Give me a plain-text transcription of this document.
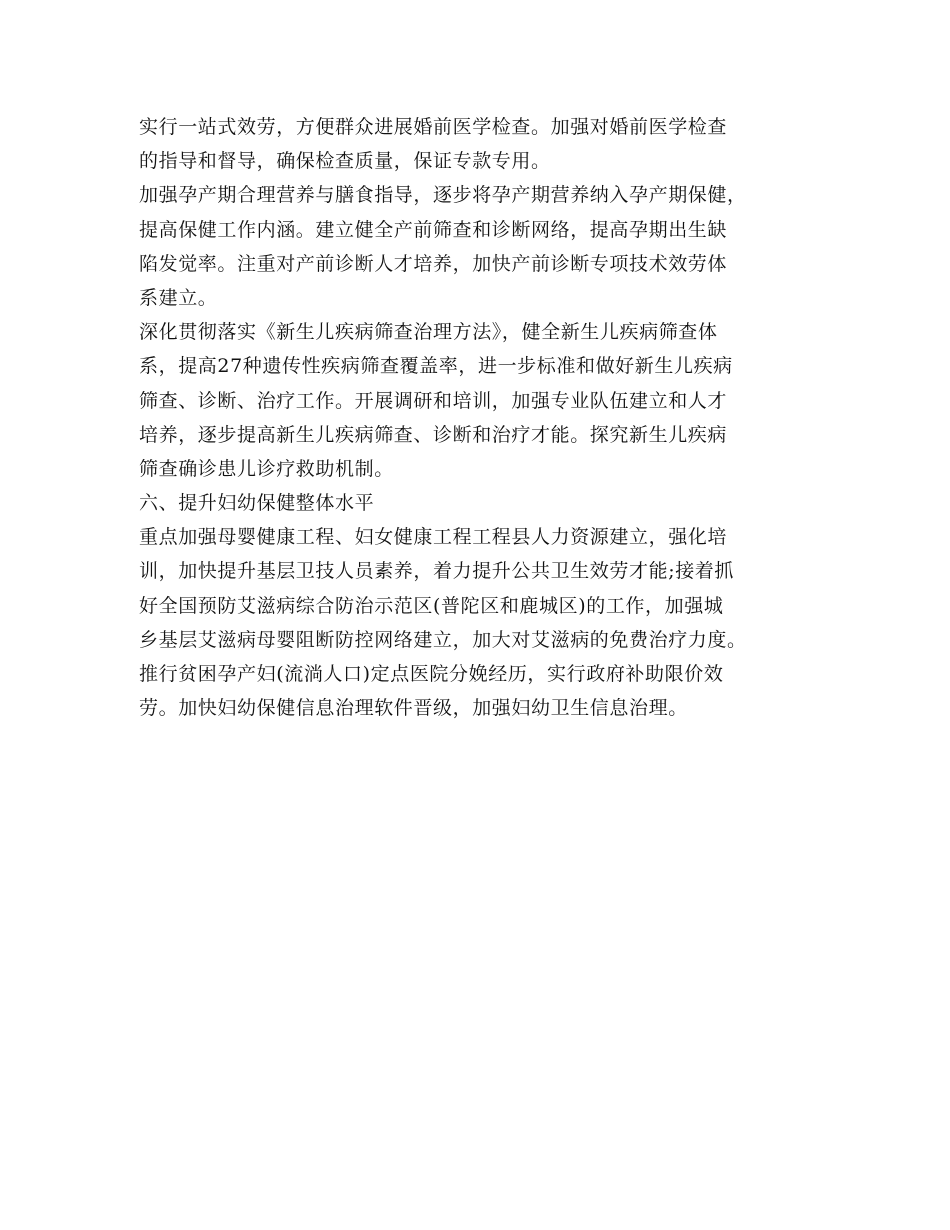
实行一站式效劳，方便群众进展婚前医学检查。加强对婚前医学检查
的指导和督导，确保检查质量，保证专款专用。
加强孕产期合理营养与膳食指导，逐步将孕产期营养纳入孕产期保健，
提高保健工作内涵。建立健全产前筛查和诊断网络，提高孕期出生缺
陷发觉率。注重对产前诊断人才培养，加快产前诊断专项技术效劳体
系建立。
深化贯彻落实《新生儿疾病筛查治理方法》，健全新生儿疾病筛查体
系，提高27种遗传性疾病筛查覆盖率，进一步标准和做好新生儿疾病
筛查、诊断、治疗工作。开展调研和培训，加强专业队伍建立和人才
培养，逐步提高新生儿疾病筛查、诊断和治疗才能。探究新生儿疾病
筛查确诊患儿诊疗救助机制。
六、提升妇幼保健整体水平
重点加强母婴健康工程、妇女健康工程工程县人力资源建立，强化培
训，加快提升基层卫技人员素养，着力提升公共卫生效劳才能;接着抓
好全国预防艾滋病综合防治示范区(普陀区和鹿城区)的工作，加强城
乡基层艾滋病母婴阻断防控网络建立，加大对艾滋病的免费治疗力度。
推行贫困孕产妇(流淌人口)定点医院分娩经历，实行政府补助限价效
劳。加快妇幼保健信息治理软件晋级，加强妇幼卫生信息治理。
